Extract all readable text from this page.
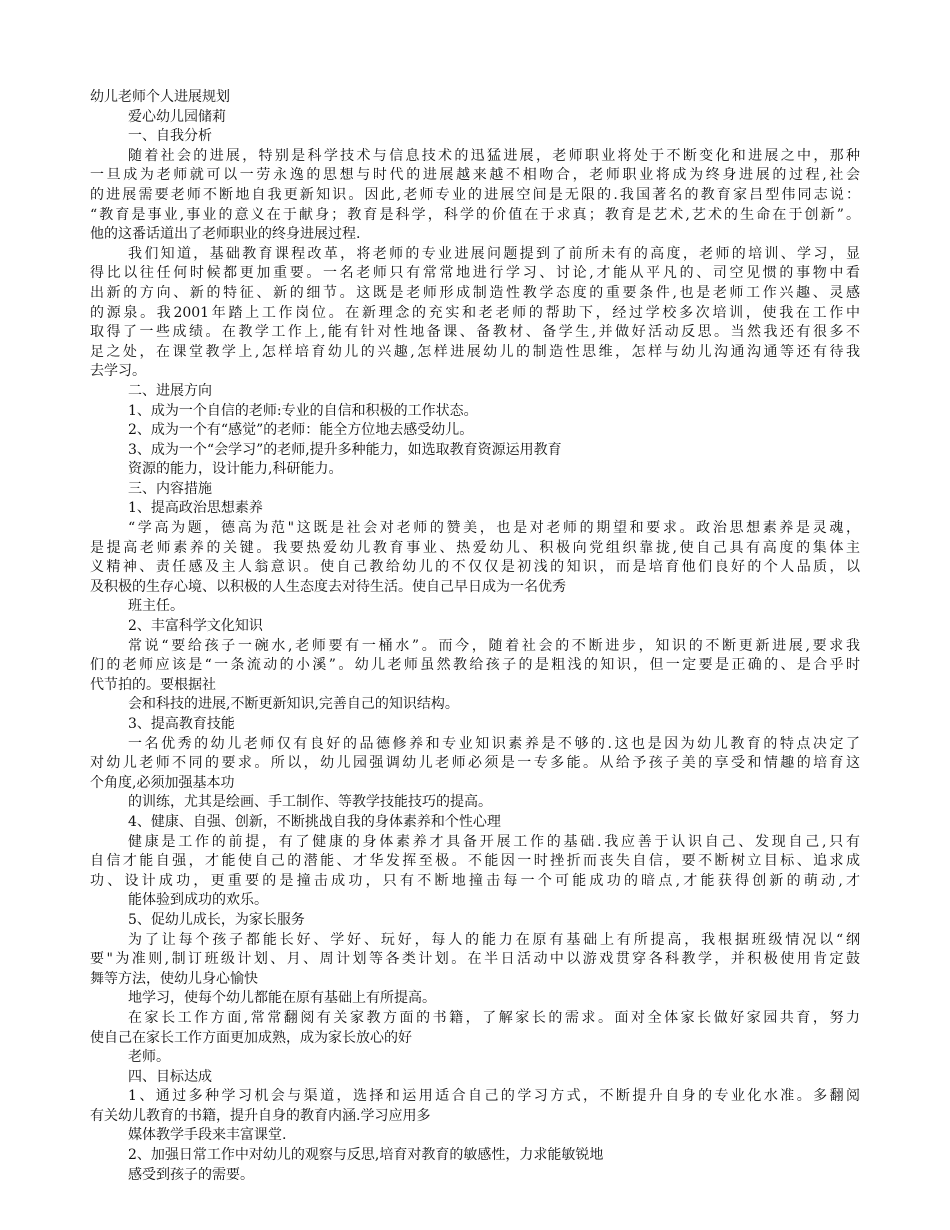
幼儿老师个人进展规划
爱心幼儿园储莉
一、自我分析
随着社会的进展，特别是科学技术与信息技术的迅猛进展，老师职业将处于不断变化和进展之中，那种
一旦成为老师就可以一劳永逸的思想与时代的进展越来越不相吻合，老师职业将成为终身进展的过程,社会
的进展需要老师不断地自我更新知识。因此,老师专业的进展空间是无限的.我国著名的教育家吕型伟同志说：
“教育是事业,事业的意义在于献身；教育是科学，科学的价值在于求真；教育是艺术,艺术的生命在于创新”。
他的这番话道出了老师职业的终身进展过程.
我们知道，基础教育课程改革，将老师的专业进展问题提到了前所未有的高度，老师的培训、学习，显
得比以往任何时候都更加重要。一名老师只有常常地进行学习、讨论,才能从平凡的、司空见惯的事物中看
出新的方向、新的特征、新的细节。这既是老师形成制造性教学态度的重要条件,也是老师工作兴趣、灵感
的源泉。我2001年踏上工作岗位。在新理念的充实和老老师的帮助下，经过学校多次培训，使我在工作中
取得了一些成绩。在教学工作上,能有针对性地备课、备教材、备学生,并做好活动反思。当然我还有很多不
足之处，在课堂教学上,怎样培育幼儿的兴趣,怎样进展幼儿的制造性思维，怎样与幼儿沟通沟通等还有待我
去学习。
二、进展方向
1、成为一个自信的老师:专业的自信和积极的工作状态。
2、成为一个有“感觉”的老师：能全方位地去感受幼儿。
3、成为一个“会学习”的老师,提升多种能力，如选取教育资源运用教育
资源的能力，设计能力,科研能力。
三、内容措施
1、提高政治思想素养
“学高为题，德高为范"这既是社会对老师的赞美，也是对老师的期望和要求。政治思想素养是灵魂，
是提高老师素养的关键。我要热爱幼儿教育事业、热爱幼儿、积极向党组织靠拢,使自己具有高度的集体主
义精神、责任感及主人翁意识。使自己教给幼儿的不仅仅是初浅的知识，而是培育他们良好的个人品质，以
及积极的生存心境、以积极的人生态度去对待生活。使自己早日成为一名优秀
班主任。
2、丰富科学文化知识
常说“要给孩子一碗水,老师要有一桶水”。而今，随着社会的不断进步，知识的不断更新进展,要求我
们的老师应该是“一条流动的小溪”。幼儿老师虽然教给孩子的是粗浅的知识，但一定要是正确的、是合乎时
代节拍的。要根据社
会和科技的进展,不断更新知识,完善自己的知识结构。
3、提高教育技能
一名优秀的幼儿老师仅有良好的品德修养和专业知识素养是不够的.这也是因为幼儿教育的特点决定了
对幼儿老师不同的要求。所以，幼儿园强调幼儿老师必须是一专多能。从给予孩子美的享受和情趣的培育这
个角度,必须加强基本功
的训练，尤其是绘画、手工制作、等教学技能技巧的提高。
4、健康、自强、创新，不断挑战自我的身体素养和个性心理
健康是工作的前提，有了健康的身体素养才具备开展工作的基础.我应善于认识自己、发现自己,只有
自信才能自强，才能使自己的潜能、才华发挥至极。不能因一时挫折而丧失自信，要不断树立目标、追求成
功、设计成功，更重要的是撞击成功，只有不断地撞击每一个可能成功的暗点,才能获得创新的萌动,才
能体验到成功的欢乐。
5、促幼儿成长，为家长服务
为了让每个孩子都能长好、学好、玩好，每人的能力在原有基础上有所提高，我根据班级情况以“纲
要"为准则,制订班级计划、月、周计划等各类计划。在半日活动中以游戏贯穿各科教学，并积极使用肯定鼓
舞等方法，使幼儿身心愉快
地学习，使每个幼儿都能在原有基础上有所提高。
在家长工作方面,常常翻阅有关家教方面的书籍，了解家长的需求。面对全体家长做好家园共育，努力
使自己在家长工作方面更加成熟，成为家长放心的好
老师。
四、目标达成
1、通过多种学习机会与渠道，选择和运用适合自己的学习方式，不断提升自身的专业化水准。多翻阅
有关幼儿教育的书籍，提升自身的教育内涵.学习应用多
媒体教学手段来丰富课堂.
2、加强日常工作中对幼儿的观察与反思,培育对教育的敏感性，力求能敏锐地
感受到孩子的需要。
